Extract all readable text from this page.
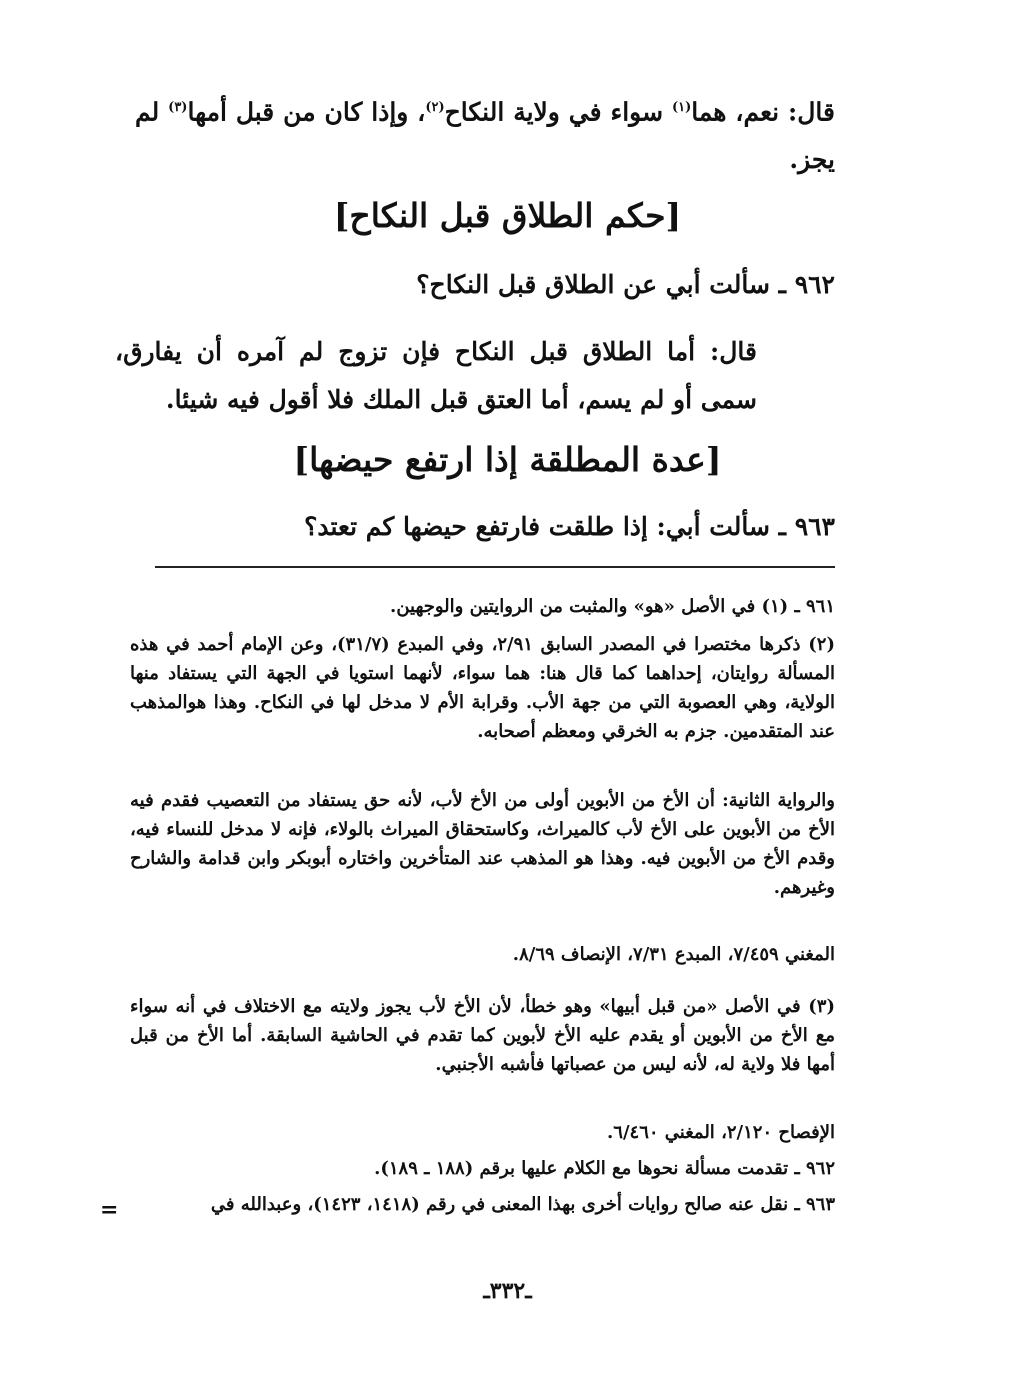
قال: نعم، هما$^{(١)}$ سواء في ولاية النكاح$^{(٢)}$، وإذا كان من قبل أمها$^{(٣)}$ لم يجز.
[حكم الطلاق قبل النكاح]
٩٦٢ ـ سألت أبي عن الطلاق قبل النكاح؟
قال: أما الطلاق قبل النكاح فإن تزوج لم آمره أن يفارق، سمى أو لم يسم، أما العتق قبل الملك فلا أقول فيه شيئا.
[عدة المطلقة إذا ارتفع حيضها]
٩٦٣ ـ سألت أبي: إذا طلقت فارتفع حيضها كم تعتد؟
٩٦١ ـ (١) في الأصل «هو» والمثبت من الروايتين والوجهين.
(٢) ذكرها مختصرا في المصدر السابق ٢/٩١، وفي المبدع (٣١/٧)، وعن الإمام أحمد في هذه المسألة روايتان، إحداهما كما قال هنا: هما سواء، لأنهما استويا في الجهة التي يستفاد منها الولاية، وهي العصوبة التي من جهة الأب. وقرابة الأم لا مدخل لها في النكاح. وهذا هوالمذهب عند المتقدمين. جزم به الخرقي ومعظم أصحابه.
والرواية الثانية: أن الأخ من الأبوين أولى من الأخ لأب، لأنه حق يستفاد من التعصيب فقدم فيه الأخ من الأبوين على الأخ لأب كالميراث، وكاستحقاق الميراث بالولاء، فإنه لا مدخل للنساء فيه، وقدم الأخ من الأبوين فيه. وهذا هو المذهب عند المتأخرين واختاره أبوبكر وابن قدامة والشارح وغيرهم.
المغني ٧/٤٥٩، المبدع ٧/٣١، الإنصاف ٨/٦٩.
(٣) في الأصل «من قبل أبيها» وهو خطأ، لأن الأخ لأب يجوز ولايته مع الاختلاف في أنه سواء مع الأخ من الأبوين أو يقدم عليه الأخ لأبوين كما تقدم في الحاشية السابقة. أما الأخ من قبل أمها فلا ولاية له، لأنه ليس من عصباتها فأشبه الأجنبي.
الإفصاح ٢/١٢٠، المغني ٦/٤٦٠.
٩٦٢ ـ تقدمت مسألة نحوها مع الكلام عليها برقم (١٨٨ ـ ١٨٩).
٩٦٣ ـ نقل عنه صالح روايات أخرى بهذا المعنى في رقم (١٤١٨، ١٤٢٣)، وعبدالله في
=
ـ٣٣٢ـ
